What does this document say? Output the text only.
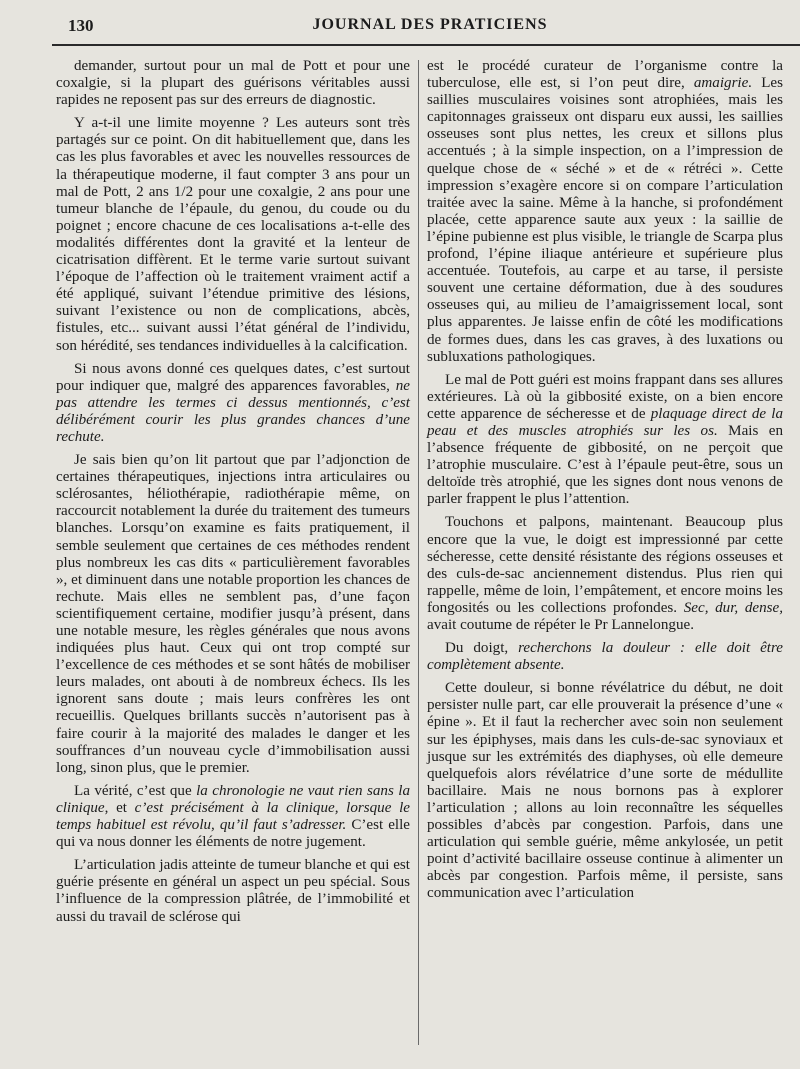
130	JOURNAL DES PRATICIENS

demander, surtout pour un mal de Pott et pour une coxalgie, si la plupart des guérisons véritables aussi rapides ne reposent pas sur des erreurs de diagnostic.

Y a-t-il une limite moyenne ? Les auteurs sont très partagés sur ce point. On dit habituellement que, dans les cas les plus favorables et avec les nouvelles ressources de la thérapeutique moderne, il faut compter 3 ans pour un mal de Pott, 2 ans 1/2 pour une coxalgie, 2 ans pour une tumeur blanche de l’épaule, du genou, du coude ou du poignet ; encore chacune de ces localisations a-t-elle des modalités différentes dont la gravité et la lenteur de cicatrisation diffèrent. Et le terme varie surtout suivant l’époque de l’affection où le traitement vraiment actif a été appliqué, suivant l’étendue primitive des lésions, suivant l’existence ou non de complications, abcès, fistules, etc... suivant aussi l’état général de l’individu, son hérédité, ses tendances individuelles à la calcification.

Si nous avons donné ces quelques dates, c’est surtout pour indiquer que, malgré des apparences favorables, ne pas attendre les termes ci dessus mentionnés, c’est délibérément courir les plus grandes chances d’une rechute.

Je sais bien qu’on lit partout que par l’adjonction de certaines thérapeutiques, injections intra articulaires ou sclérosantes, héliothérapie, radiothérapie même, on raccourcit notablement la durée du traitement des tumeurs blanches. Lorsqu’on examine es faits pratiquement, il semble seulement que certaines de ces méthodes rendent plus nombreux les cas dits « particulièrement favorables », et diminuent dans une notable proportion les chances de rechute. Mais elles ne semblent pas, d’une façon scientifiquement certaine, modifier jusqu’à présent, dans une notable mesure, les règles générales que nous avons indiquées plus haut. Ceux qui ont trop compté sur l’excellence de ces méthodes et se sont hâtés de mobiliser leurs malades, ont abouti à de nombreux échecs. Ils les ignorent sans doute ; mais leurs confrères les ont recueillis. Quelques brillants succès n’autorisent pas à faire courir à la majorité des malades le danger et les souffrances d’un nouveau cycle d’immobilisation aussi long, sinon plus, que le premier.

La vérité, c’est que la chronologie ne vaut rien sans la clinique, et c’est précisément à la clinique, lorsque le temps habituel est révolu, qu’il faut s’adresser. C’est elle qui va nous donner les éléments de notre jugement.

L’articulation jadis atteinte de tumeur blanche et qui est guérie présente en général un aspect un peu spécial. Sous l’influence de la compression plâtrée, de l’immobilité et aussi du travail de sclérose qui

est le procédé curateur de l’organisme contre la tuberculose, elle est, si l’on peut dire, amaigrie. Les saillies musculaires voisines sont atrophiées, mais les capitonnages graisseux ont disparu eux aussi, les saillies osseuses sont plus nettes, les creux et sillons plus accentués ; à la simple inspection, on a l’impression de quelque chose de « séché » et de « rétréci ». Cette impression s’exagère encore si on compare l’articulation traitée avec la saine. Même à la hanche, si profondément placée, cette apparence saute aux yeux : la saillie de l’épine pubienne est plus visible, le triangle de Scarpa plus profond, l’épine iliaque antérieure et supérieure plus accentuée. Toutefois, au carpe et au tarse, il persiste souvent une certaine déformation, due à des soudures osseuses qui, au milieu de l’amaigrissement local, sont plus apparentes. Je laisse enfin de côté les modifications de formes dues, dans les cas graves, à des luxations ou subluxations pathologiques.

Le mal de Pott guéri est moins frappant dans ses allures extérieures. Là où la gibbosité existe, on a bien encore cette apparence de sécheresse et de plaquage direct de la peau et des muscles atrophiés sur les os. Mais en l’absence fréquente de gibbosité, on ne perçoit que l’atrophie musculaire. C’est à l’épaule peut-être, sous un deltoïde très atrophié, que les signes dont nous venons de parler frappent le plus l’attention.

Touchons et palpons, maintenant. Beaucoup plus encore que la vue, le doigt est impressionné par cette sécheresse, cette densité résistante des régions osseuses et des culs-de-sac anciennement distendus. Plus rien qui rappelle, même de loin, l’empâtement, et encore moins les fongosités ou les collections profondes. Sec, dur, dense, avait coutume de répéter le Pr Lannelongue.

Du doigt, recherchons la douleur : elle doit être complètement absente.

Cette douleur, si bonne révélatrice du début, ne doit persister nulle part, car elle prouverait la présence d’une « épine ». Et il faut la rechercher avec soin non seulement sur les épiphyses, mais dans les culs-de-sac synoviaux et jusque sur les extrémités des diaphyses, où elle demeure quelquefois alors révélatrice d’une sorte de médullite bacillaire. Mais ne nous bornons pas à explorer l’articulation ; allons au loin reconnaître les séquelles possibles d’abcès par congestion. Parfois, dans une articulation qui semble guérie, même ankylosée, un petit point d’activité bacillaire osseuse continue à alimenter un abcès par congestion. Parfois même, il persiste, sans communication avec l’articulation
